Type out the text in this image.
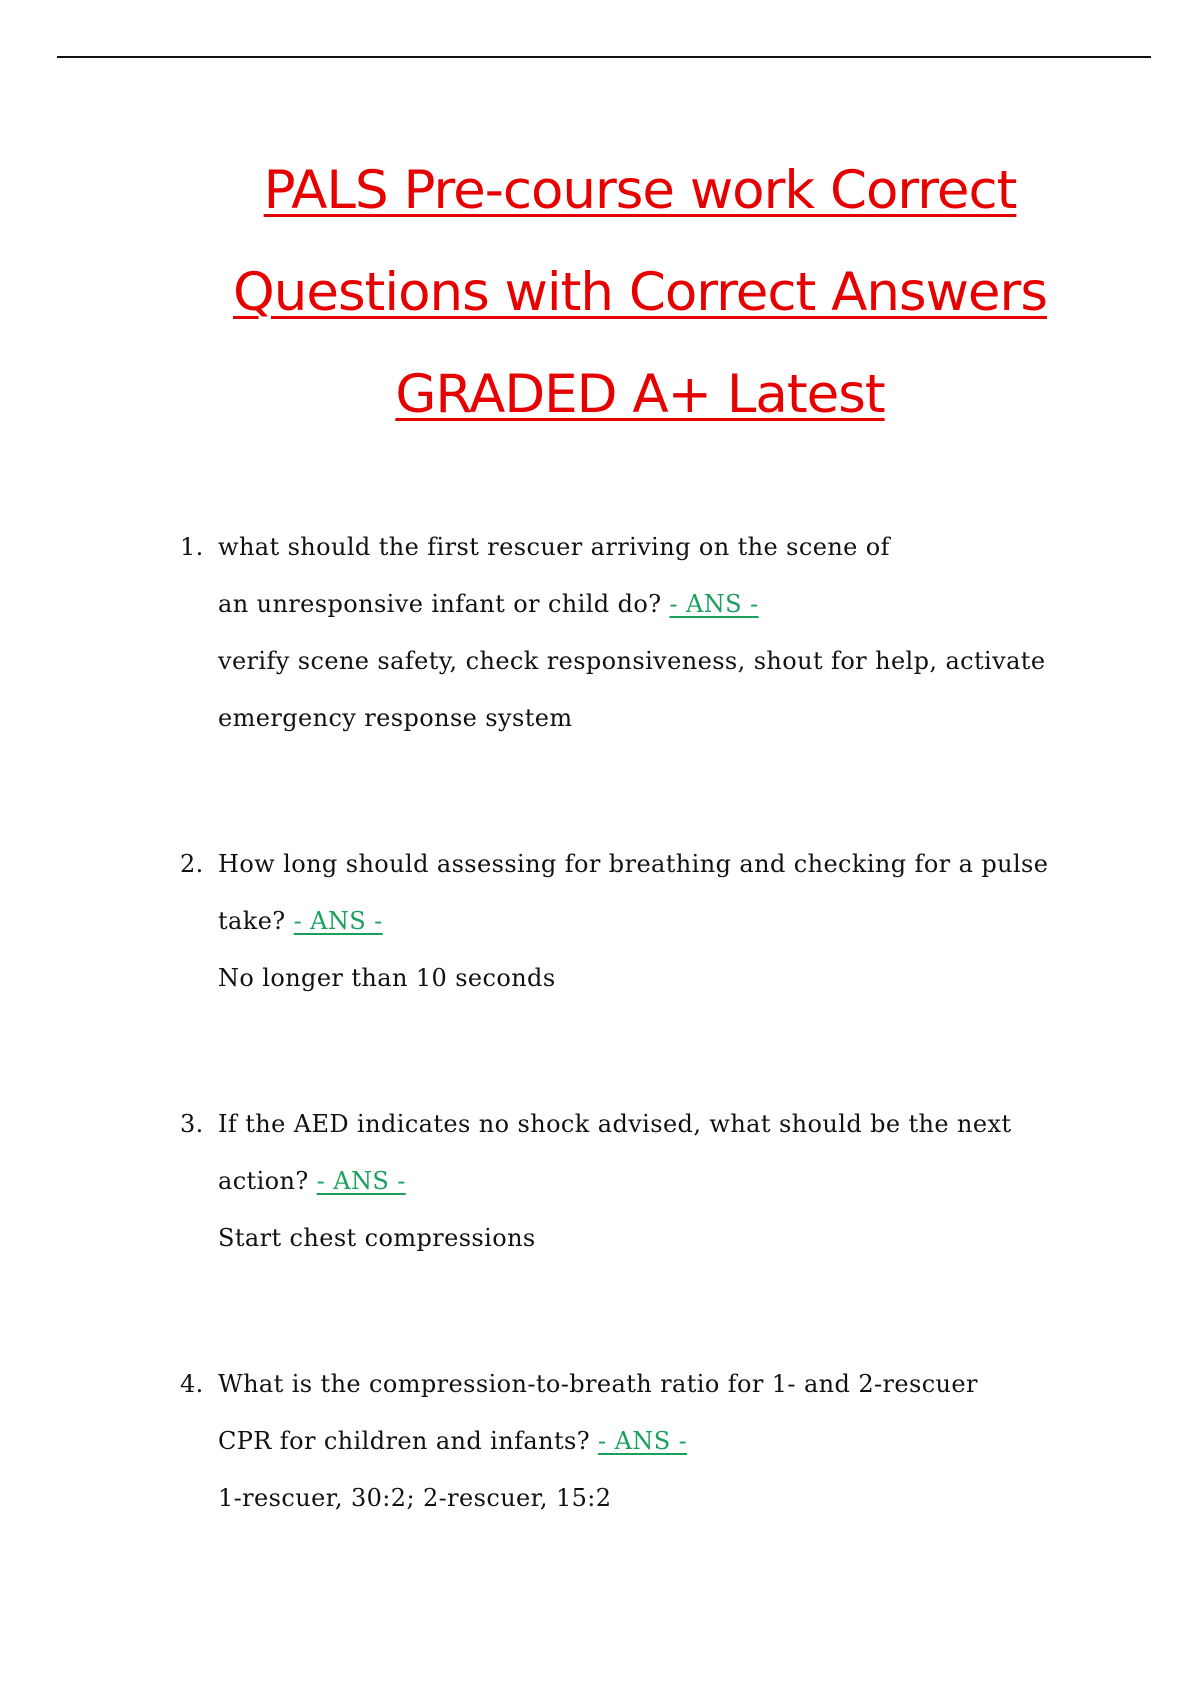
PALS Pre-course work Correct
Questions with Correct Answers
GRADED A+ Latest
1. what should the first rescuer arriving on the scene of an unresponsive infant or child do? - ANS -
verify scene safety, check responsiveness, shout for help, activate emergency response system
2. How long should assessing for breathing and checking for a pulse take? - ANS -
No longer than 10 seconds
3. If the AED indicates no shock advised, what should be the next action? - ANS -
Start chest compressions
4. What is the compression-to-breath ratio for 1- and 2-rescuer CPR for children and infants? - ANS -
1-rescuer, 30:2; 2-rescuer, 15:2
